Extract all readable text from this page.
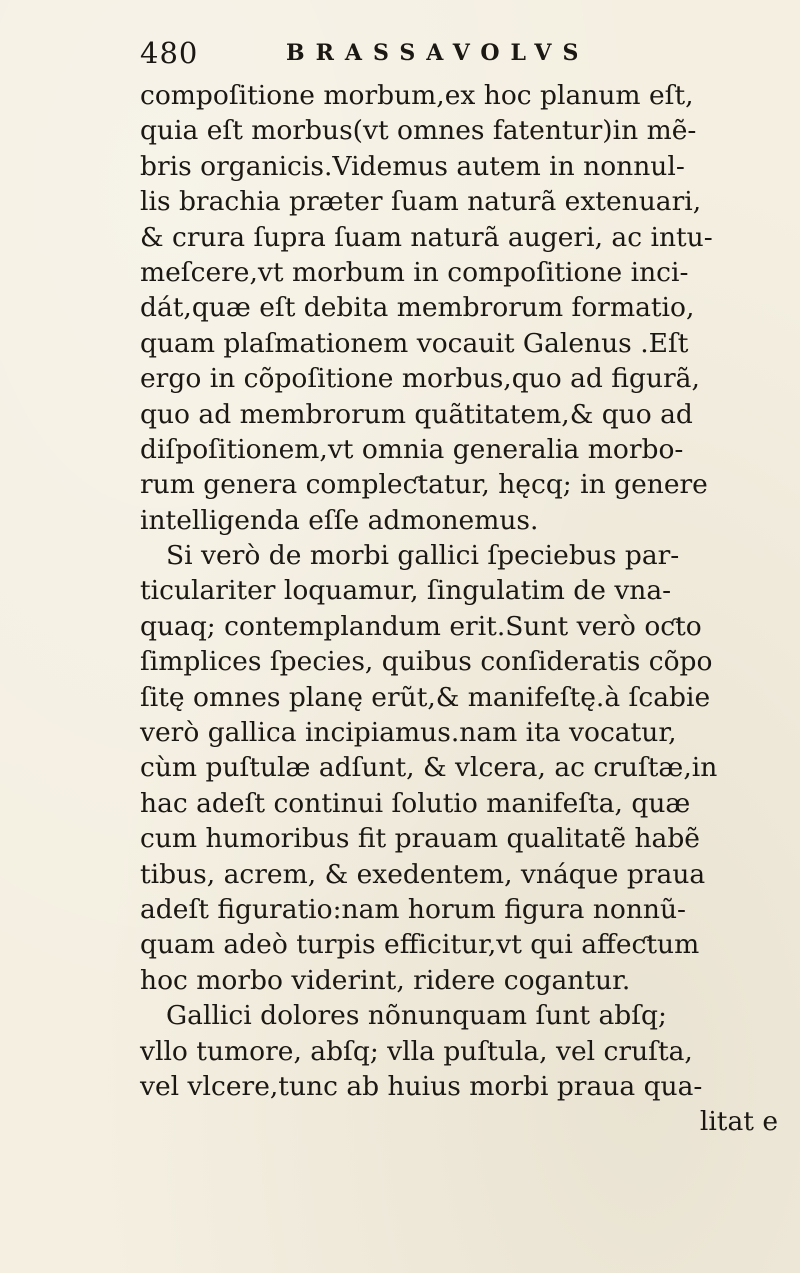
480	BRASSAVOLVS
compoſitione morbum,ex hoc planum eſt,
quia eſt morbus(vt omnes fatentur)in mẽ-
bris organicis.Videmus autem in nonnul-
lis brachia præter ſuam naturã extenuari,
& crura ſupra ſuam naturã augeri, ac intu-
meſcere,vt morbum in compoſitione inci-
dát,quæ eſt debita membrorum formatio,
quam plaſmationem vocauit Galenus .Eſt
ergo in cõpoſitione morbus,quo ad figurã,
quo ad membrorum quãtitatem,& quo ad
diſpoſitionem,vt omnia generalia morbo-
rum genera compleƈtatur, hęcq; in genere
intelligenda eſſe admonemus.
Si verò de morbi gallici ſpeciebus par-
ticulariter loquamur, ſingulatim de vna-
quaq; contemplandum erit.Sunt verò oƈto
ſimplices ſpecies, quibus conſideratis cõpo
ſitę omnes planę erũt,& manifeſtę.à ſcabie
verò gallica incipiamus.nam ita vocatur,
cùm puſtulæ adſunt, & vlcera, ac cruſtæ,in
hac adeſt continui ſolutio manifeſta, quæ
cum humoribus fit prauam qualitatẽ habẽ
tibus, acrem, & exedentem, vnáque praua
adeſt figuratio:nam horum figura nonnũ-
quam adeò turpis efficitur,vt qui affeƈtum
hoc morbo viderint, ridere cogantur.
Gallici dolores nõnunquam ſunt abſq;
vllo tumore, abſq; vlla puſtula, vel cruſta,
vel vlcere,tunc ab huius morbi praua qua-
litat e
